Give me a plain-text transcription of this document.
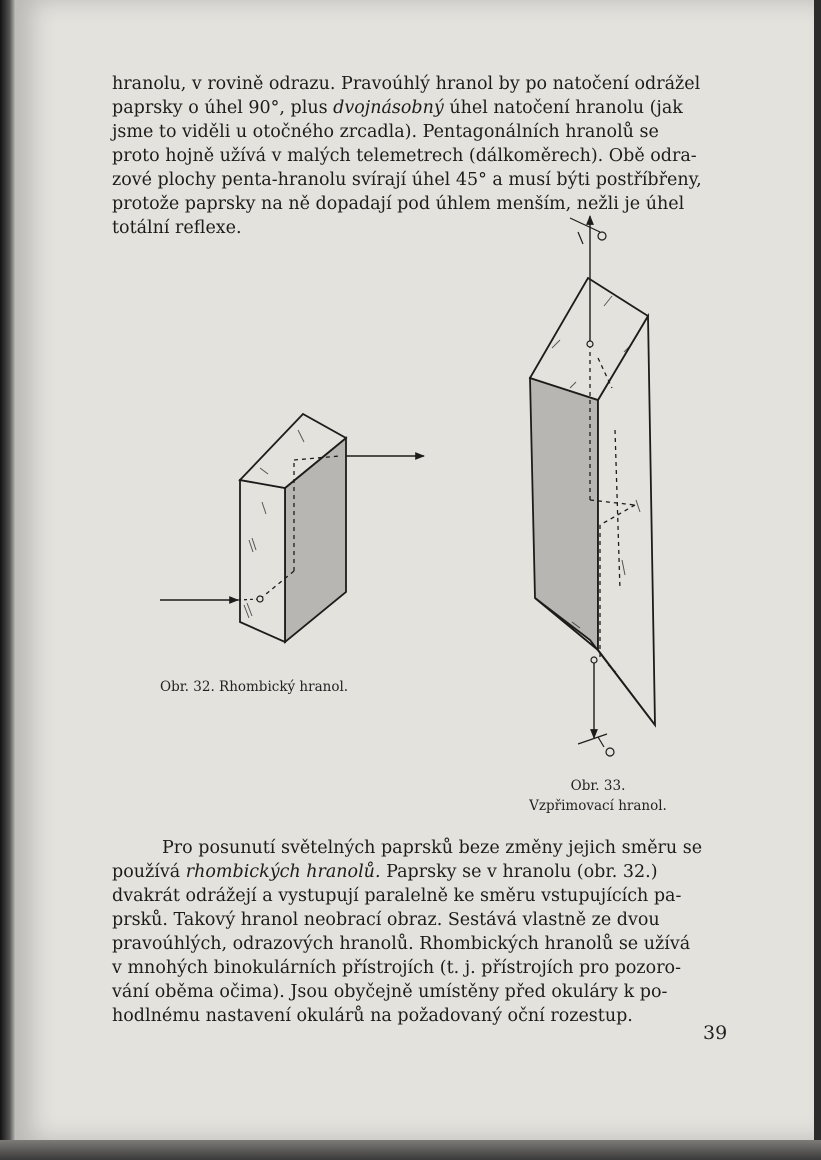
hranolu, v rovině odrazu. Pravoúhlý hranol by po natočení odrážel
paprsky o úhel 90°, plus dvojnásobný úhel natočení hranolu (jak
jsme to viděli u otočného zrcadla). Pentagonálních hranolů se
proto hojně užívá v malých telemetrech (dálkoměrech). Obě odra-
zové plochy penta-hranolu svírají úhel 45° a musí býti postříbřeny,
protože paprsky na ně dopadají pod úhlem menším, nežli je úhel
totální reflexe.

Obr. 32. Rhombický hranol.
Obr. 33.
Vzpřimovací hranol.

Pro posunutí světelných paprsků beze změny jejich směru se
používá rhombických hranolů. Paprsky se v hranolu (obr. 32.)
dvakrát odrážejí a vystupují paralelně ke směru vstupujících pa-
prsků. Takový hranol neobrací obraz. Sestává vlastně ze dvou
pravoúhlých, odrazových hranolů. Rhombických hranolů se užívá
v mnohých binokulárních přístrojích (t. j. přístrojích pro pozoro-
vání oběma očima). Jsou obyčejně umístěny před okuláry k po-
hodlnému nastavení okulárů na požadovaný oční rozestup.

39
